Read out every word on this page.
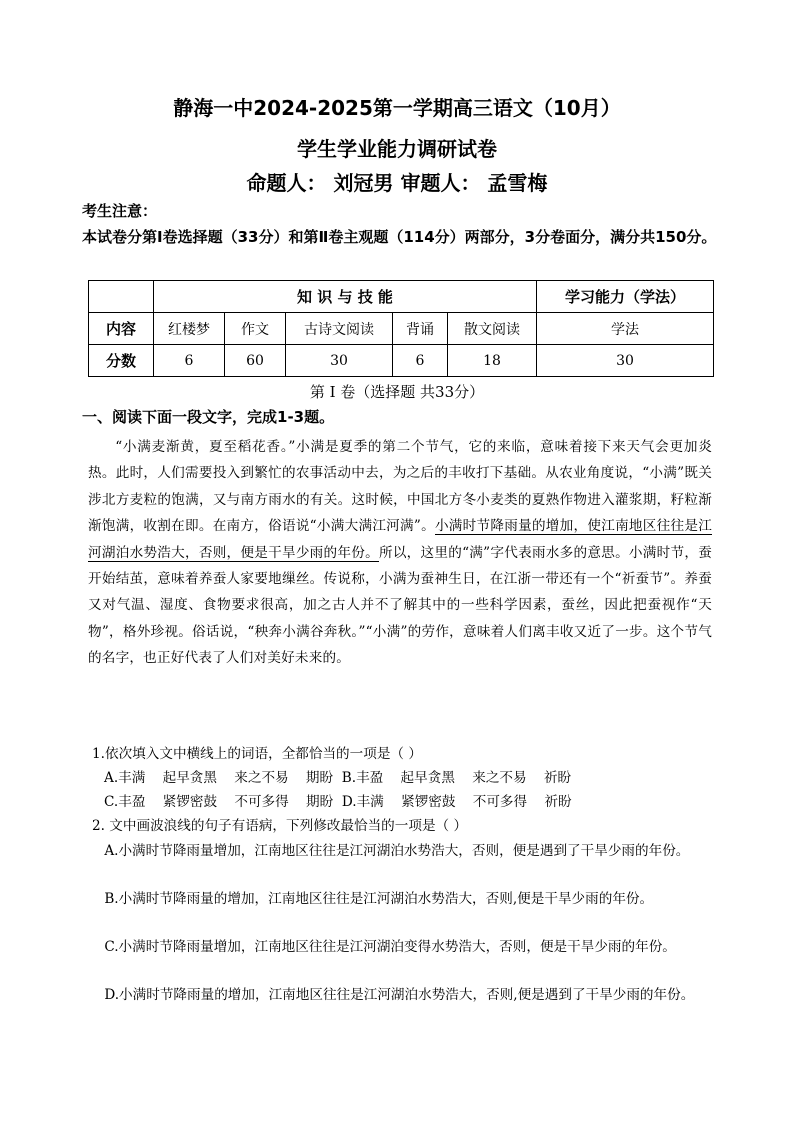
静海一中2024-2025第一学期高三语文（10月）
学生学业能力调研试卷
命题人： 刘冠男 审题人： 孟雪梅
考生注意：
本试卷分第Ⅰ卷选择题（33分）和第Ⅱ卷主观题（114分）两部分，3分卷面分，满分共150分。
	知 识 与 技 能					学习能力（学法）
内容	红楼梦	作文	古诗文阅读	背诵	散文阅读	学法
分数	6	60	30	6	18	30
第 Ⅰ 卷（选择题 共33分）
一、阅读下面一段文字，完成1-3题。
“小满麦渐黄，夏至稻花香。”小满是夏季的第二个节气，它的来临，意味着接下来天气会更加炎热。此时，人们需要投入到繁忙的农事活动中去，为之后的丰收打下基础。从农业角度说，“小满”既关涉北方麦粒的饱满，又与南方雨水的有关。这时候，中国北方冬小麦类的夏熟作物进入灌浆期，籽粒渐渐饱满，收割在即。在南方，俗语说“小满大满江河满”。小满时节降雨量的增加，使江南地区往往是江河湖泊水势浩大，否则，便是干旱少雨的年份。所以，这里的“满”字代表雨水多的意思。小满时节，蚕开始结茧，意味着养蚕人家要地缫丝。传说称，小满为蚕神生日，在江浙一带还有一个“祈蚕节”。养蚕又对气温、湿度、食物要求很高，加之古人并不了解其中的一些科学因素，蚕丝，因此把蚕视作“天物”，格外珍视。俗话说，“秧奔小满谷奔秋。”“小满”的劳作，意味着人们离丰收又近了一步。这个节气的名字，也正好代表了人们对美好未来的。
1.依次填入文中横线上的词语，全都恰当的一项是（ ）
A.丰满    起早贪黑    来之不易    期盼  B.丰盈    起早贪黑    来之不易    祈盼
C.丰盈    紧锣密鼓    不可多得    期盼  D.丰满    紧锣密鼓    不可多得    祈盼
2. 文中画波浪线的句子有语病，下列修改最恰当的一项是（ ）
A.小满时节降雨量增加，江南地区往往是江河湖泊水势浩大，否则，便是遇到了干旱少雨的年份。
B.小满时节降雨量的增加，江南地区往往是江河湖泊水势浩大，否则,便是干旱少雨的年份。
C.小满时节降雨量增加，江南地区往往是江河湖泊变得水势浩大，否则，便是干旱少雨的年份。
D.小满时节降雨量的增加，江南地区往往是江河湖泊水势浩大，否则,便是遇到了干旱少雨的年份。
